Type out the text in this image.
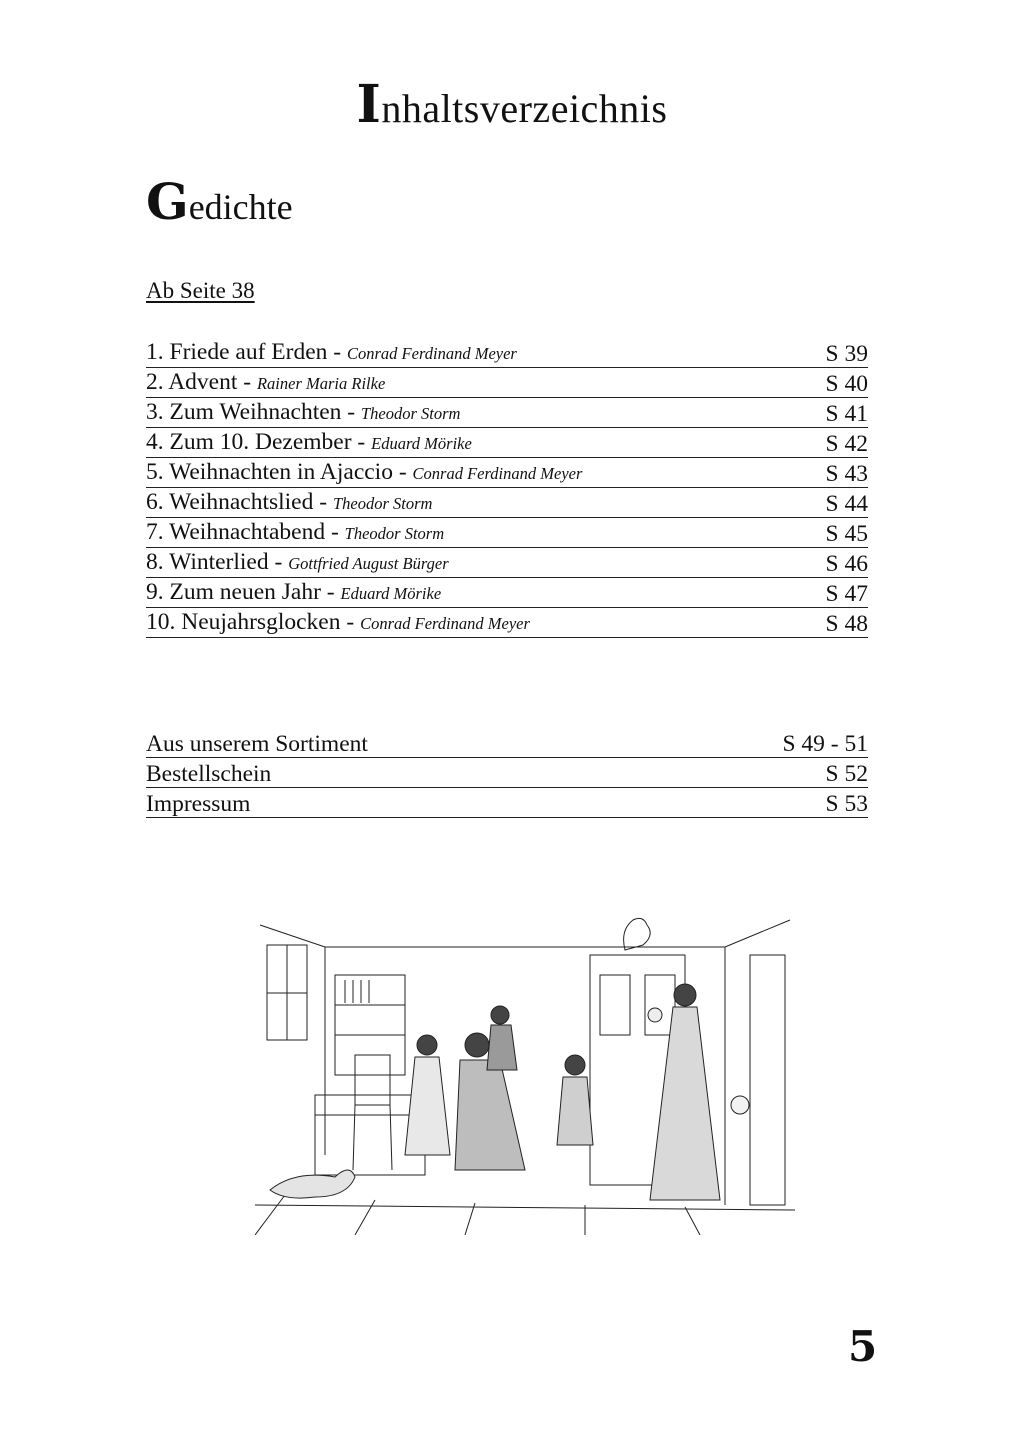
Inhaltsverzeichnis
Gedichte
Ab Seite 38
1. Friede auf Erden - Conrad Ferdinand Meyer	S 39
2. Advent - Rainer Maria Rilke	S 40
3. Zum Weihnachten - Theodor Storm	S 41
4. Zum 10. Dezember - Eduard Mörike	S 42
5. Weihnachten in Ajaccio - Conrad Ferdinand Meyer	S 43
6. Weihnachtslied - Theodor Storm	S 44
7. Weihnachtabend - Theodor Storm	S 45
8. Winterlied - Gottfried August Bürger	S 46
9. Zum neuen Jahr - Eduard Mörike	S 47
10. Neujahrsglocken - Conrad Ferdinand Meyer	S 48
Aus unserem Sortiment	S 49 - 51
Bestellschein	S 52
Impressum	S 53
5
